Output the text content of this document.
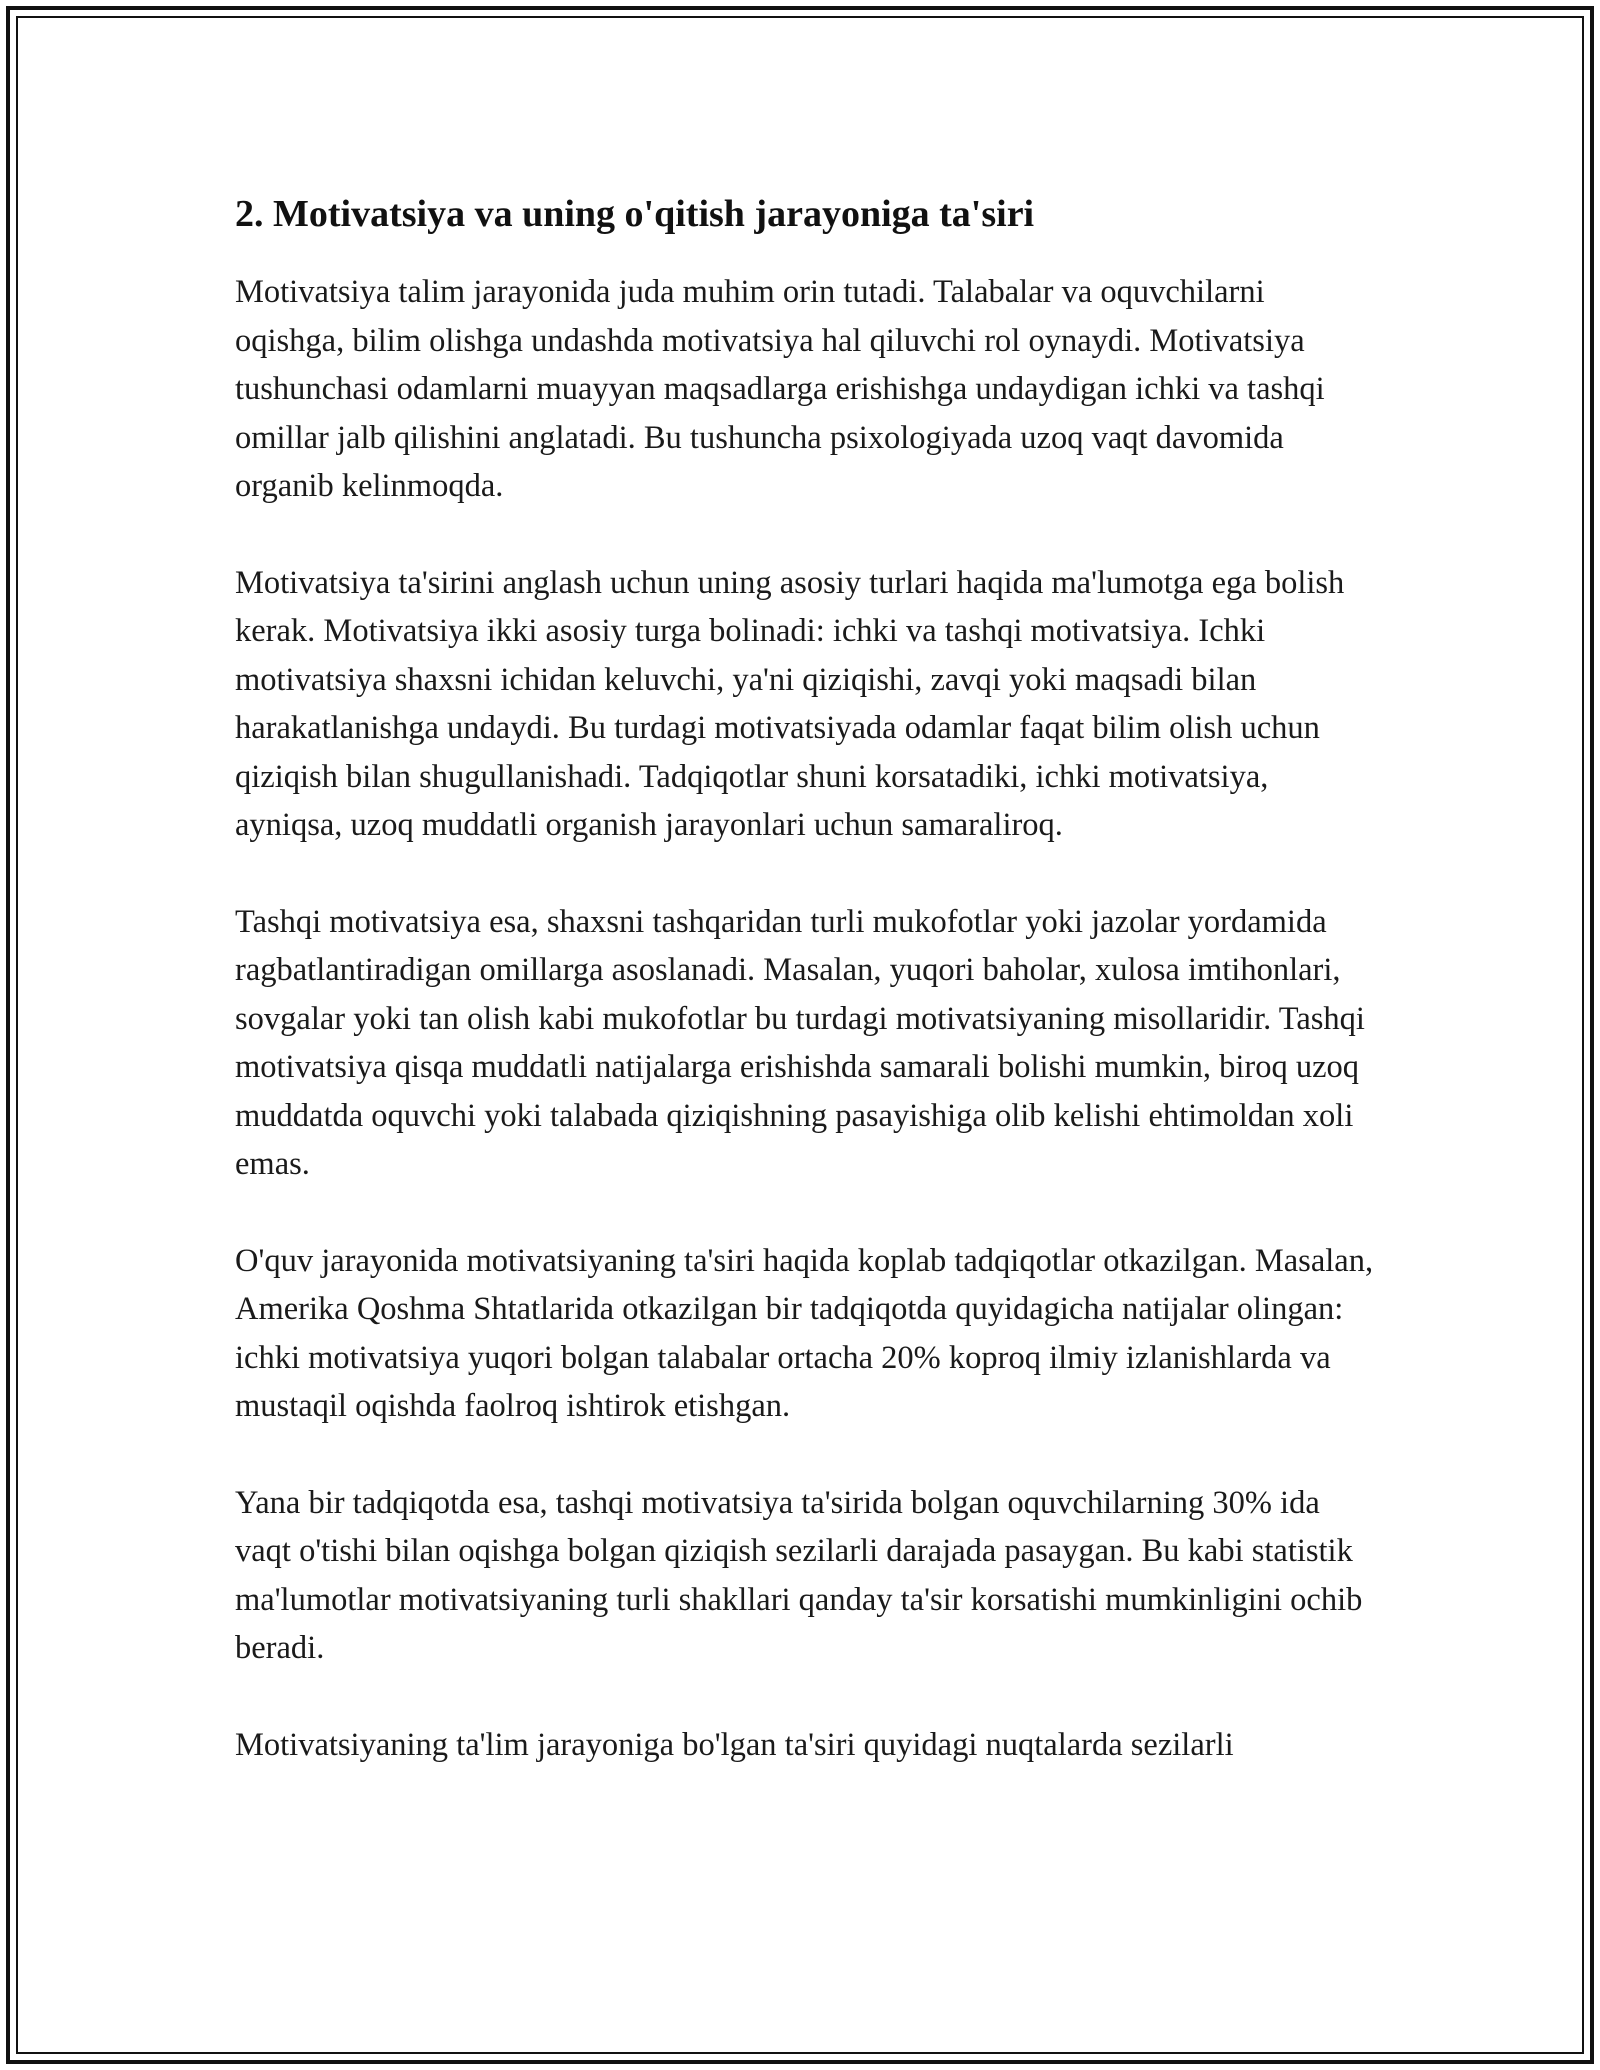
2. Motivatsiya va uning o'qitish jarayoniga ta'siri

Motivatsiya talim jarayonida juda muhim orin tutadi. Talabalar va oquvchilarni oqishga, bilim olishga undashda motivatsiya hal qiluvchi rol oynaydi. Motivatsiya tushunchasi odamlarni muayyan maqsadlarga erishishga undaydigan ichki va tashqi omillar jalb qilishini anglatadi. Bu tushuncha psixologiyada uzoq vaqt davomida organib kelinmoqda.

Motivatsiya ta'sirini anglash uchun uning asosiy turlari haqida ma'lumotga ega bolish kerak. Motivatsiya ikki asosiy turga bolinadi: ichki va tashqi motivatsiya. Ichki motivatsiya shaxsni ichidan keluvchi, ya'ni qiziqishi, zavqi yoki maqsadi bilan harakatlanishga undaydi. Bu turdagi motivatsiyada odamlar faqat bilim olish uchun qiziqish bilan shugullanishadi. Tadqiqotlar shuni korsatadiki, ichki motivatsiya, ayniqsa, uzoq muddatli organish jarayonlari uchun samaraliroq.

Tashqi motivatsiya esa, shaxsni tashqaridan turli mukofotlar yoki jazolar yordamida ragbatlantiradigan omillarga asoslanadi. Masalan, yuqori baholar, xulosa imtihonlari, sovgalar yoki tan olish kabi mukofotlar bu turdagi motivatsiyaning misollaridir. Tashqi motivatsiya qisqa muddatli natijalarga erishishda samarali bolishi mumkin, biroq uzoq muddatda oquvchi yoki talabada qiziqishning pasayishiga olib kelishi ehtimoldan xoli emas.

O'quv jarayonida motivatsiyaning ta'siri haqida koplab tadqiqotlar otkazilgan. Masalan, Amerika Qoshma Shtatlarida otkazilgan bir tadqiqotda quyidagicha natijalar olingan: ichki motivatsiya yuqori bolgan talabalar ortacha 20% koproq ilmiy izlanishlarda va mustaqil oqishda faolroq ishtirok etishgan.

Yana bir tadqiqotda esa, tashqi motivatsiya ta'sirida bolgan oquvchilarning 30% ida vaqt o'tishi bilan oqishga bolgan qiziqish sezilarli darajada pasaygan. Bu kabi statistik ma'lumotlar motivatsiyaning turli shakllari qanday ta'sir korsatishi mumkinligini ochib beradi.

Motivatsiyaning ta'lim jarayoniga bo'lgan ta'siri quyidagi nuqtalarda sezilarli
